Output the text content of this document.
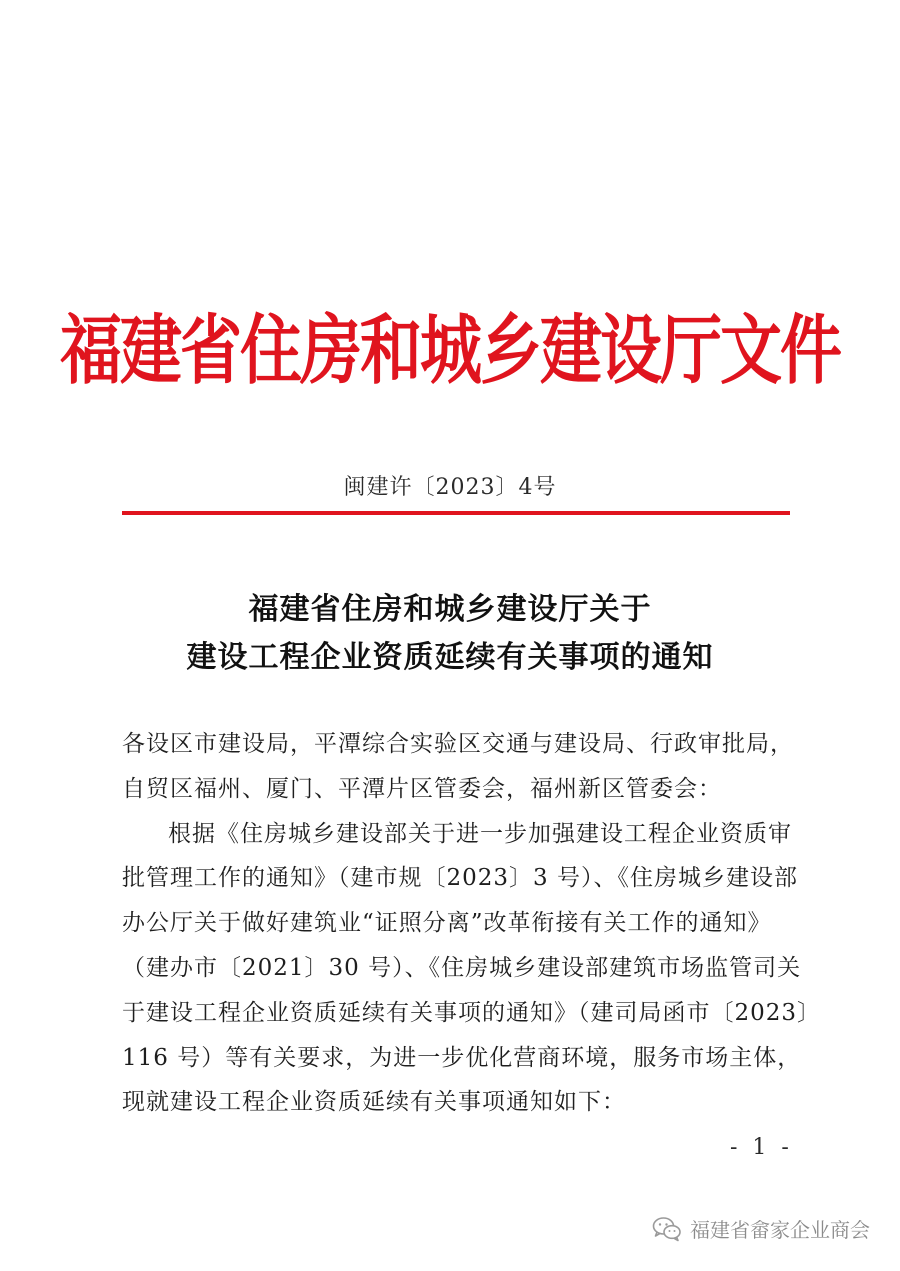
福建省住房和城乡建设厅文件
闽建许〔2023〕4号
福建省住房和城乡建设厅关于
建设工程企业资质延续有关事项的通知
各设区市建设局，平潭综合实验区交通与建设局、行政审批局，
自贸区福州、厦门、平潭片区管委会，福州新区管委会：
根据《住房城乡建设部关于进一步加强建设工程企业资质审
批管理工作的通知》（建市规〔2023〕3 号）、《住房城乡建设部
办公厅关于做好建筑业“证照分离”改革衔接有关工作的通知》
（建办市〔2021〕30 号）、《住房城乡建设部建筑市场监管司关
于建设工程企业资质延续有关事项的通知》（建司局函市〔2023〕
116 号）等有关要求，为进一步优化营商环境，服务市场主体，
现就建设工程企业资质延续有关事项通知如下：
- 1 -
福建省畲家企业商会
